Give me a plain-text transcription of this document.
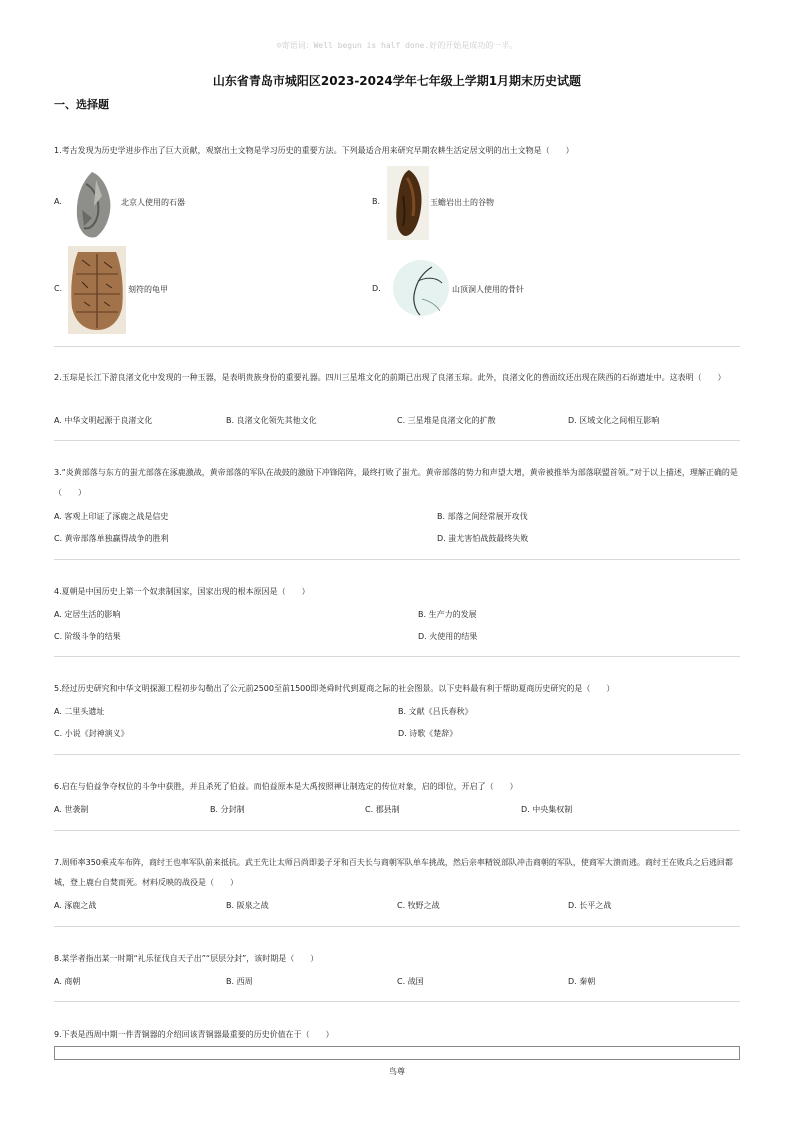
☺寄语词：Well begun is half done.好的开始是成功的一半。
山东省青岛市城阳区2023-2024学年七年级上学期1月期末历史试题
一、选择题
1.考古发现为历史学进步作出了巨大贡献，观察出土文物是学习历史的重要方法。下列最适合用来研究早期农耕生活定居文明的出土文物是（　　）
A.	北京人使用的石器	B.	玉蟾岩出土的谷物
C.	刻符的龟甲	D.	山顶洞人使用的骨针
2.玉琮是长江下游良渚文化中发现的一种玉器，是表明贵族身份的重要礼器。四川三星堆文化的前期已出现了良渚玉琮。此外，良渚文化的兽面纹还出现在陕西的石峁遗址中。这表明（　　）
A. 中华文明起源于良渚文化	B. 良渚文化领先其他文化	C. 三星堆是良渚文化的扩散	D. 区域文化之间相互影响
3.“炎黄部落与东方的蚩尤部落在涿鹿激战，黄帝部落的军队在战鼓的激励下冲锋陷阵，最终打败了蚩尤。黄帝部落的势力和声望大增，黄帝被推举为部落联盟首领。”对于以上描述，理解正确的是（　　）
A. 客观上印证了涿鹿之战是信史	B. 部落之间经常展开攻伐
C. 黄帝部落单独赢得战争的胜利	D. 蚩尤害怕战鼓最终失败
4.夏朝是中国历史上第一个奴隶制国家，国家出现的根本原因是（　　）
A. 定居生活的影响	B. 生产力的发展
C. 阶级斗争的结果	D. 火使用的结果
5.经过历史研究和中华文明探源工程初步勾勒出了公元前2500至前1500即尧舜时代到夏商之际的社会图景。以下史料最有利于帮助夏商历史研究的是（　　）
A. 二里头遗址	B. 文献《吕氏春秋》
C. 小说《封神演义》	D. 诗歌《楚辞》
6.启在与伯益争夺权位的斗争中获胜，并且杀死了伯益。而伯益原本是大禹按照禅让制选定的传位对象，启的即位，开启了（　　）
A. 世袭制	B. 分封制	C. 郡县制	D. 中央集权制
7.周师率350乘戎车布阵，商纣王也率军队前来抵抗。武王先让太师吕尚即姜子牙和百夫长与商朝军队单车挑战，然后亲率精锐部队冲击商朝的军队，使商军大溃而逃。商纣王在败兵之后逃回都城，登上鹿台自焚而死。材料反映的战役是（　　）
A. 涿鹿之战	B. 阪泉之战	C. 牧野之战	D. 长平之战
8.某学者指出某一时期“礼乐征伐自天子出”“层层分封”，该时期是（　　）
A. 商朝	B. 西周	C. 战国	D. 秦朝
9.下表是西周中期一件青铜器的介绍回该青铜器最重要的历史价值在于（　　）
鸟尊
